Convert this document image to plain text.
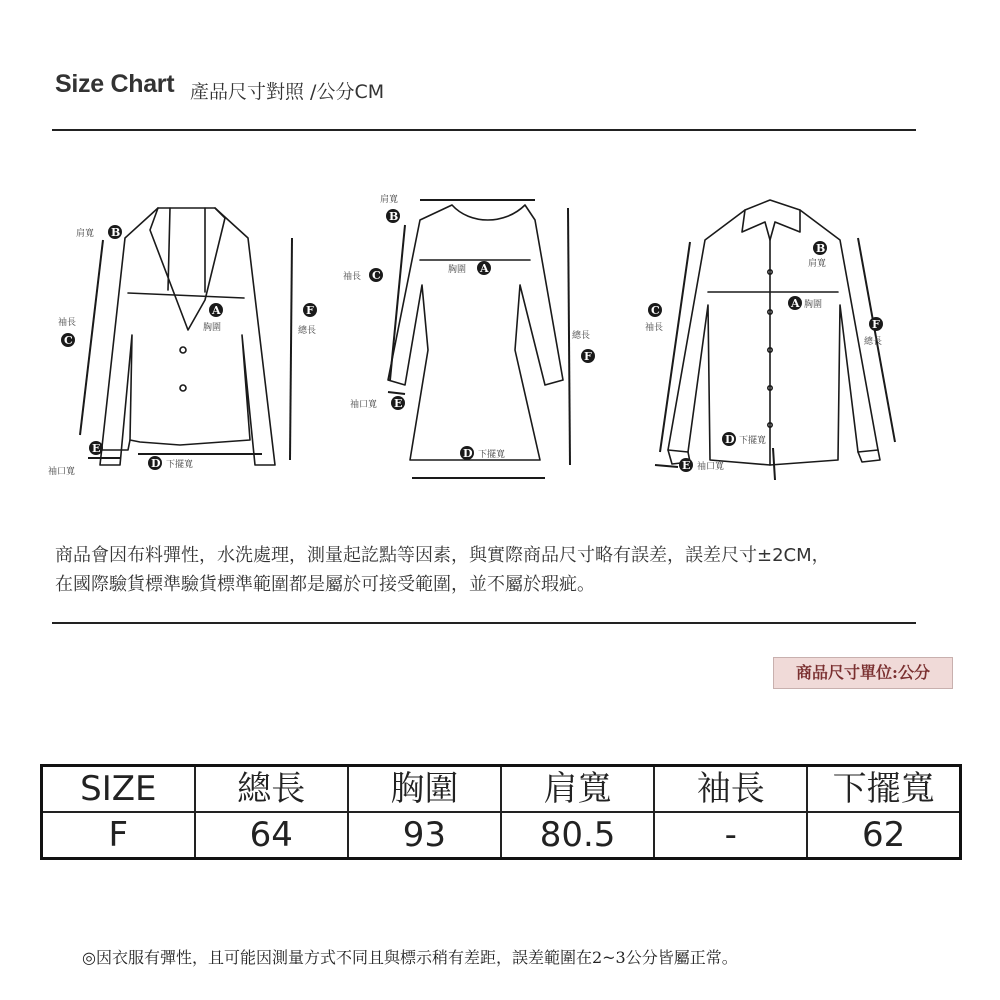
Size Chart 產品尺寸對照 /公分CM
肩寬 B
袖長
C
A
胸圍
F
總長
E
袖口寬
D 下擺寬
肩寬
B
袖長 C	胸圍 A
總長
F
袖口寬 E
D 下擺寬
B
肩寬
A 胸圍
C
袖長	F
總長
D 下擺寬
E 袖口寬
商品會因布料彈性，水洗處理，測量起訖點等因素，與實際商品尺寸略有誤差，誤差尺寸±2CM，
在國際驗貨標準驗貨標準範圍都是屬於可接受範圍，並不屬於瑕疵。
商品尺寸單位:公分
SIZE	總長	胸圍	肩寬	袖長	下擺寬
F	64	93	80.5	-	62
◎因衣服有彈性，且可能因測量方式不同且與標示稍有差距，誤差範圍在2~3公分皆屬正常。
